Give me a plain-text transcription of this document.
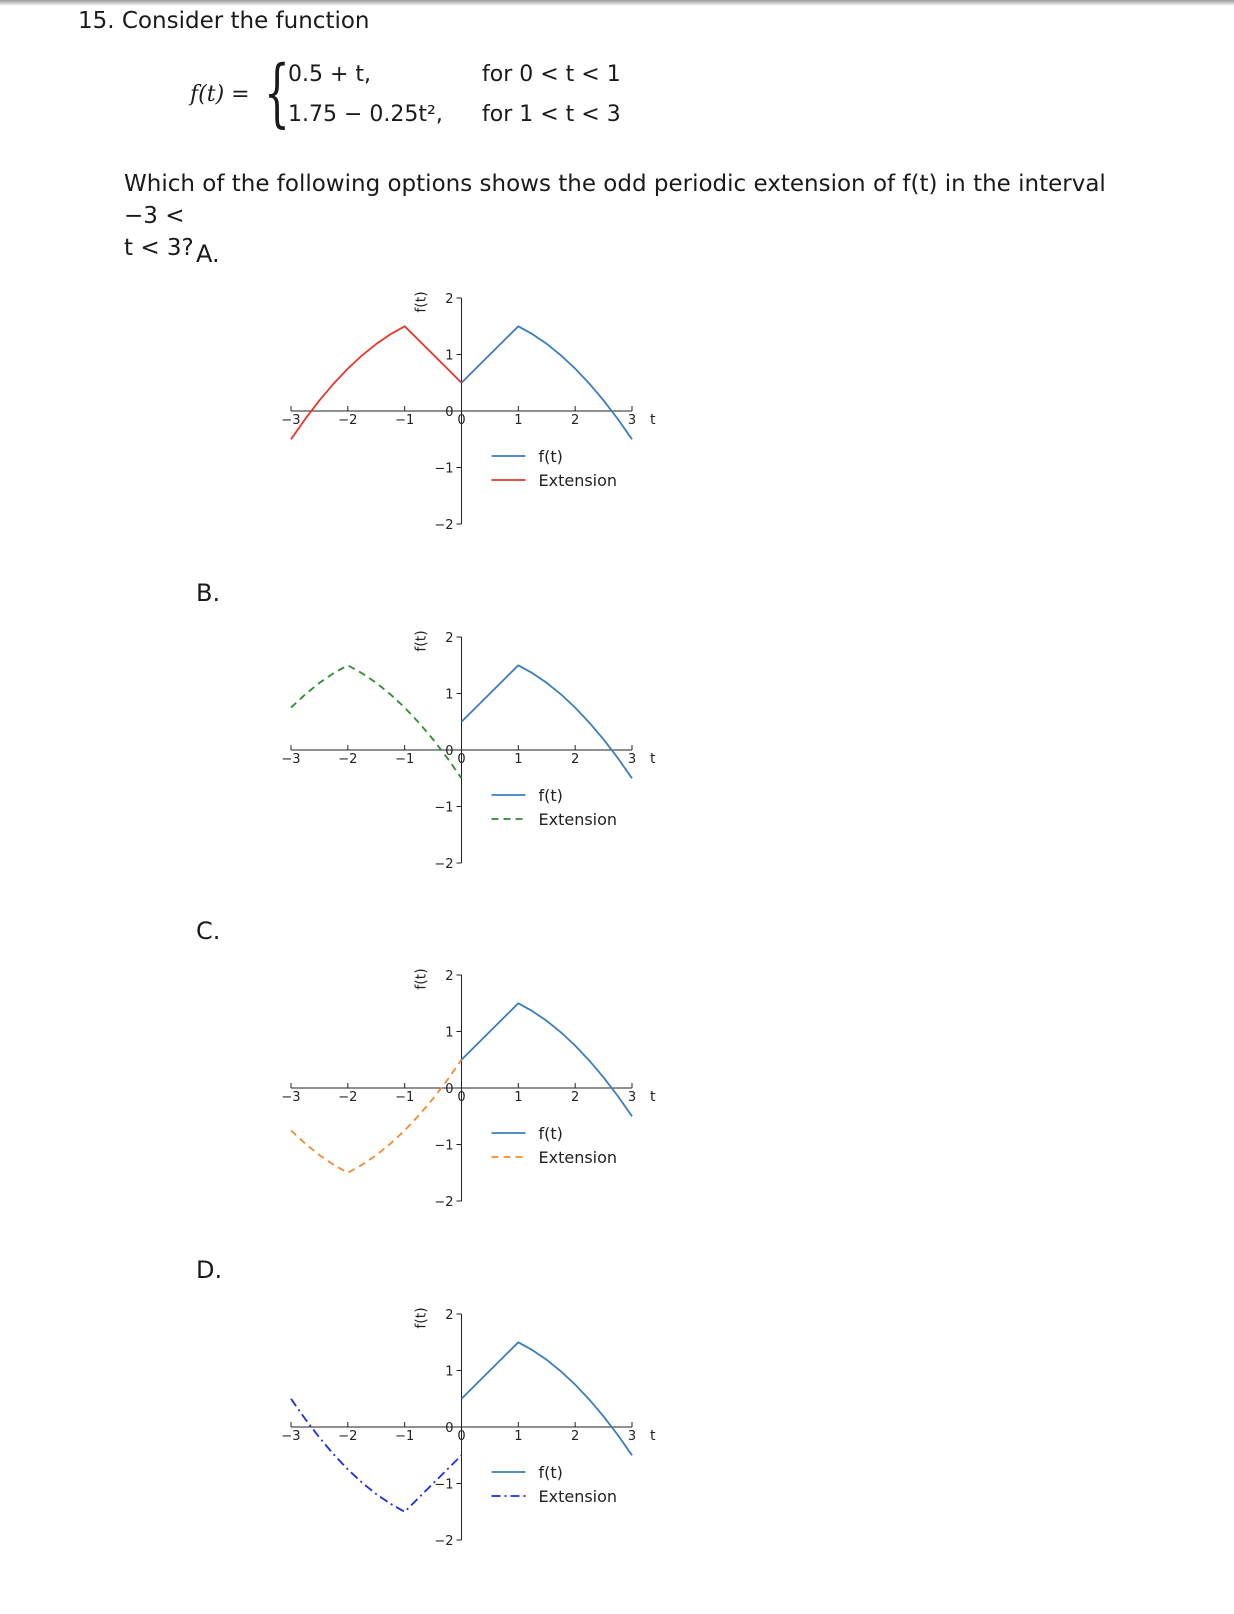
15. Consider the function
f(t) = {
0.5 + t,	for 0 < t < 1
1.75 − 0.25t², for 1 < t < 3
Which of the following options shows the odd periodic extension of f(t) in the interval −3 <
t < 3? A.
−3	−2	−1	0	1	2	3
−2
−1
0
1
2
t
f(t)
f(t)
Extension
B.
−3	−2	−1	0	1	2	3
−2
−1
0
1
2
t
f(t)
f(t)
Extension
C.
−3	−2	−1	0	1	2	3
−2
−1
0
1
2
t
f(t)
f(t)
Extension
D.
−3	−2	−1	0	1	2	3
−2
−1
0
1
2
t
f(t)
f(t)
Extension
